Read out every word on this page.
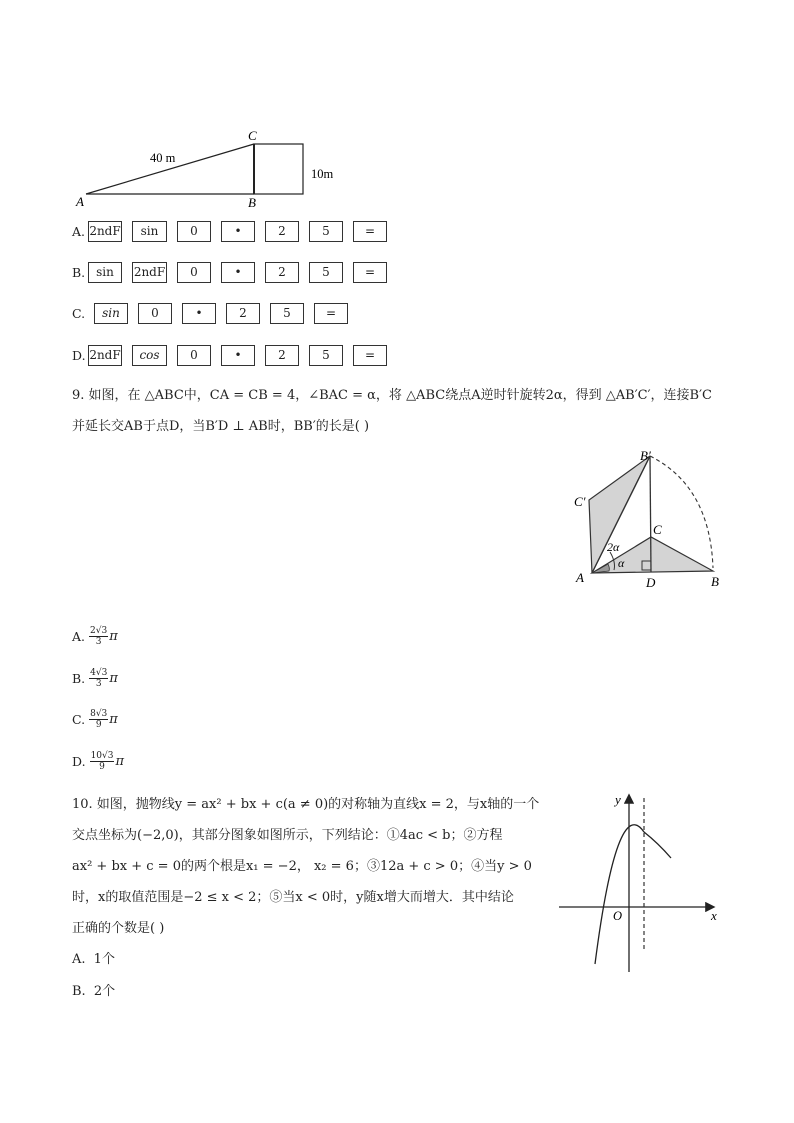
C
A	B
40 m
10m
A. 2ndF	sin	0	•	2	5	=
B. sin	2ndF	0	•	2	5	=
C.	sin	0	•	2	5	=
D. 2ndF	cos	0	•	2	5	=
9. 如图，在 △ABC中，CA = CB = 4，∠BAC = α，将 △ABC绕点A逆时针旋转2α，得到 △AB′C′，连接B′C
并延长交AB于点D，当B′D ⊥ AB时，BB′的长是( )
B′
C′
C
2α
α
A	D	B
A. $\frac{2√3}{3}$ π
B. $\frac{4√3}{3}$ π
C. $\frac{8√3}{9}$ π
D. $\frac{10√3}{9}$ π
10. 如图，抛物线y = ax² + bx + c(a ≠ 0)的对称轴为直线x = 2，与x轴的一个
交点坐标为(−2,0)，其部分图象如图所示，下列结论：①4ac < b；②方程
ax² + bx + c = 0的两个根是x₁ = −2， x₂ = 6；③12a + c > 0；④当y > 0
时，x的取值范围是−2 ≤ x < 2；⑤当x < 0时，y随x增大而增大．其中结论
正确的个数是( )
y
x
O
A. 1个
B. 2个
